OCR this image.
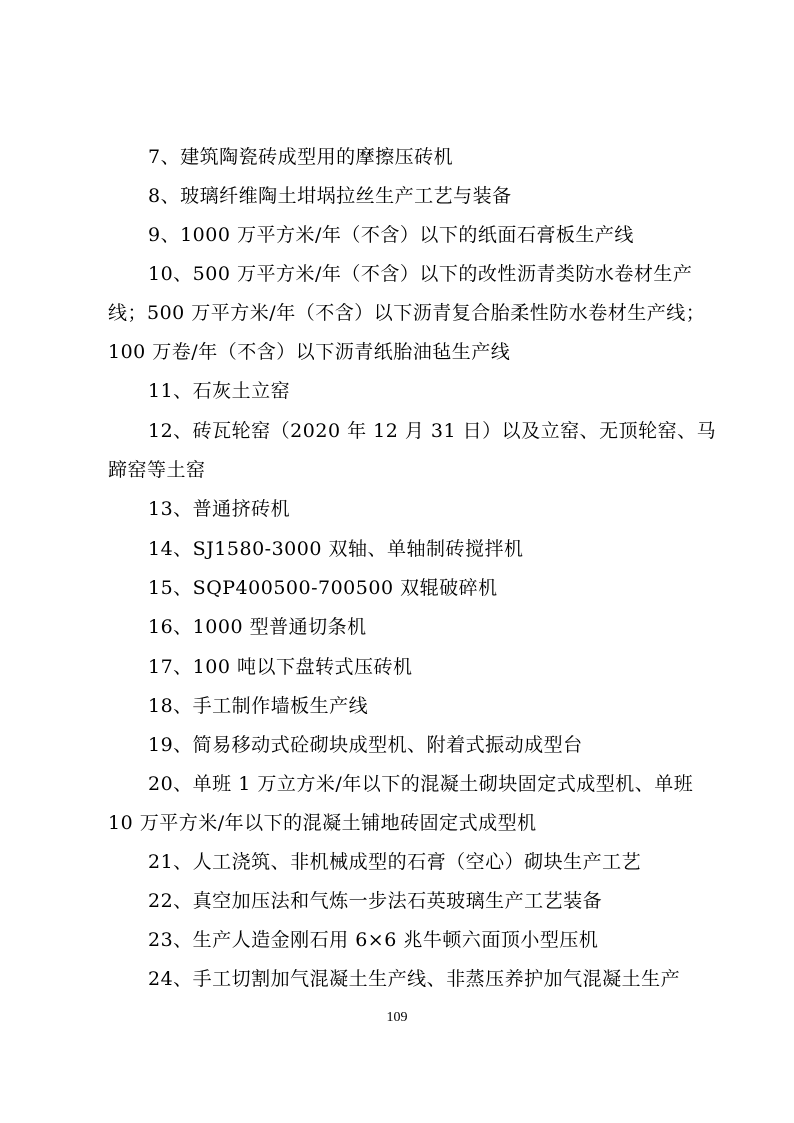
7、建筑陶瓷砖成型用的摩擦压砖机
8、玻璃纤维陶土坩埚拉丝生产工艺与装备
9、1000 万平方米/年（不含）以下的纸面石膏板生产线
10、500 万平方米/年（不含）以下的改性沥青类防水卷材生产
线；500 万平方米/年（不含）以下沥青复合胎柔性防水卷材生产线；
100 万卷/年（不含）以下沥青纸胎油毡生产线
11、石灰土立窑
12、砖瓦轮窑（2020 年 12 月 31 日）以及立窑、无顶轮窑、马
蹄窑等土窑
13、普通挤砖机
14、SJ1580-3000 双轴、单轴制砖搅拌机
15、SQP400500-700500 双辊破碎机
16、1000 型普通切条机
17、100 吨以下盘转式压砖机
18、手工制作墙板生产线
19、简易移动式砼砌块成型机、附着式振动成型台
20、单班 1 万立方米/年以下的混凝土砌块固定式成型机、单班
10 万平方米/年以下的混凝土铺地砖固定式成型机
21、人工浇筑、非机械成型的石膏（空心）砌块生产工艺
22、真空加压法和气炼一步法石英玻璃生产工艺装备
23、生产人造金刚石用 6×6 兆牛顿六面顶小型压机
24、手工切割加气混凝土生产线、非蒸压养护加气混凝土生产
109
